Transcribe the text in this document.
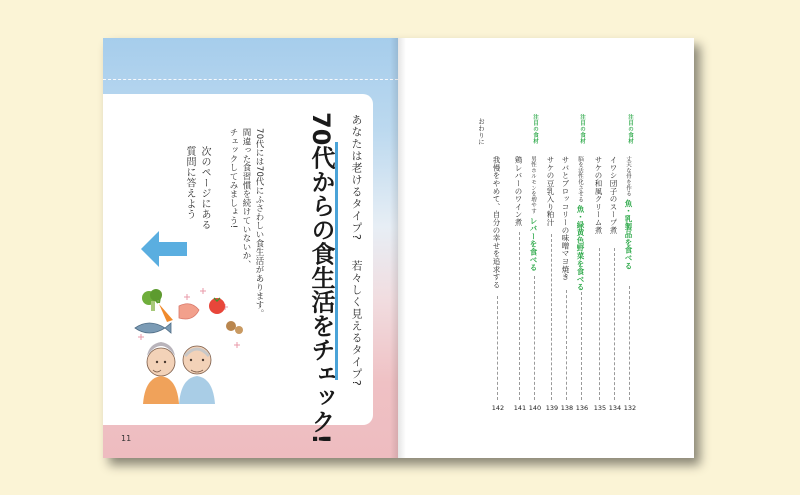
あなたは老けるタイプ?  若々しく見えるタイプ?
70代からの食生活をチェック!
70代には70代にふさわしい食生活があります。
間違った食習慣を続けていないか、
チェックしてみましょう!
次のページにある
質問に答えよう
11
注目の食材
丈夫な骨を作る 魚・乳製品を食べる
132
イワシ団子のスープ煮
134
サケの和風クリーム煮
135
注目の食材
脳を活性化させる 魚・緑黄色野菜を食べる
136
サバとブロッコリーの味噌マヨ焼き
138
サケの豆乳入り粕汁
139
注目の食材
男性ホルモンを増やす レバーを食べる
140
鶏レバーのワイン煮
141
おわりに
我慢をやめて、自分の幸せを追求する
142
